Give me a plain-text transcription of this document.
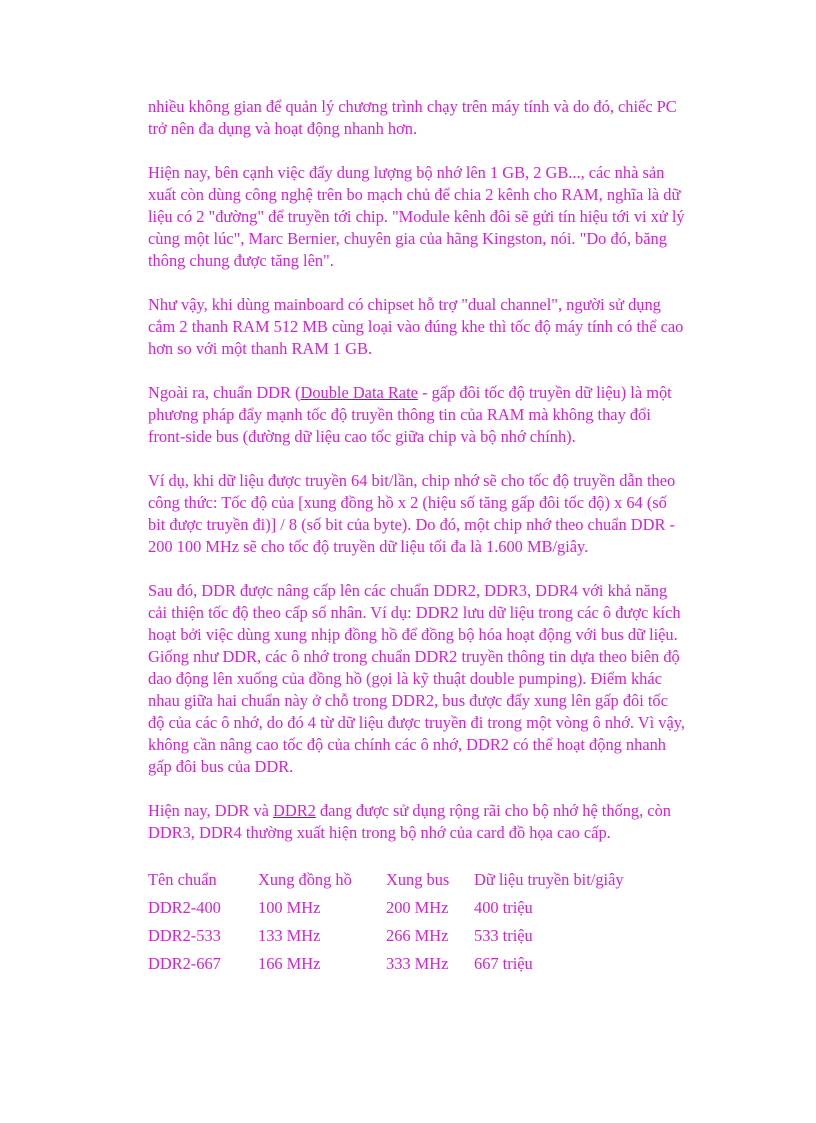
nhiều không gian để quản lý chương trình chạy trên máy tính và do đó, chiếc PC trở nên đa dụng và hoạt động nhanh hơn.

Hiện nay, bên cạnh việc đẩy dung lượng bộ nhớ lên 1 GB, 2 GB..., các nhà sản xuất còn dùng công nghệ trên bo mạch chủ để chia 2 kênh cho RAM, nghĩa là dữ liệu có 2 "đường" để truyền tới chip. "Module kênh đôi sẽ gửi tín hiệu tới vi xử lý cùng một lúc", Marc Bernier, chuyên gia của hãng Kingston, nói. "Do đó, băng thông chung được tăng lên".

Như vậy, khi dùng mainboard có chipset hỗ trợ "dual channel", người sử dụng cắm 2 thanh RAM 512 MB cùng loại vào đúng khe thì tốc độ máy tính có thể cao hơn so với một thanh RAM 1 GB.

Ngoài ra, chuẩn DDR (Double Data Rate - gấp đôi tốc độ truyền dữ liệu) là một phương pháp đẩy mạnh tốc độ truyền thông tin của RAM mà không thay đổi front-side bus (đường dữ liệu cao tốc giữa chip và bộ nhớ chính).

Ví dụ, khi dữ liệu được truyền 64 bit/lần, chip nhớ sẽ cho tốc độ truyền dẫn theo công thức: Tốc độ của [xung đồng hồ x 2 (hiệu số tăng gấp đôi tốc độ) x 64 (số bit được truyền đi)] / 8 (số bit của byte). Do đó, một chip nhớ theo chuẩn DDR - 200 100 MHz sẽ cho tốc độ truyền dữ liệu tối đa là 1.600 MB/giây.

Sau đó, DDR được nâng cấp lên các chuẩn DDR2, DDR3, DDR4 với khả năng cải thiện tốc độ theo cấp số nhân. Ví dụ: DDR2 lưu dữ liệu trong các ô được kích hoạt bởi việc dùng xung nhịp đồng hồ để đồng bộ hóa hoạt động với bus dữ liệu. Giống như DDR, các ô nhớ trong chuẩn DDR2 truyền thông tin dựa theo biên độ dao động lên xuống của đồng hồ (gọi là kỹ thuật double pumping). Điểm khác nhau giữa hai chuẩn này ở chỗ trong DDR2, bus được đẩy xung lên gấp đôi tốc độ của các ô nhớ, do đó 4 từ dữ liệu được truyền đi trong một vòng ô nhớ. Vì vậy, không cần nâng cao tốc độ của chính các ô nhớ, DDR2 có thể hoạt động nhanh gấp đôi bus của DDR.

Hiện nay, DDR và DDR2 đang được sử dụng rộng rãi cho bộ nhớ hệ thống, còn DDR3, DDR4 thường xuất hiện trong bộ nhớ của card đồ họa cao cấp.

Tên chuẩn	Xung đồng hồ	Xung bus	Dữ liệu truyền bit/giây
DDR2-400	100 MHz	200 MHz	400 triệu
DDR2-533	133 MHz	266 MHz	533 triệu
DDR2-667	166 MHz	333 MHz	667 triệu
